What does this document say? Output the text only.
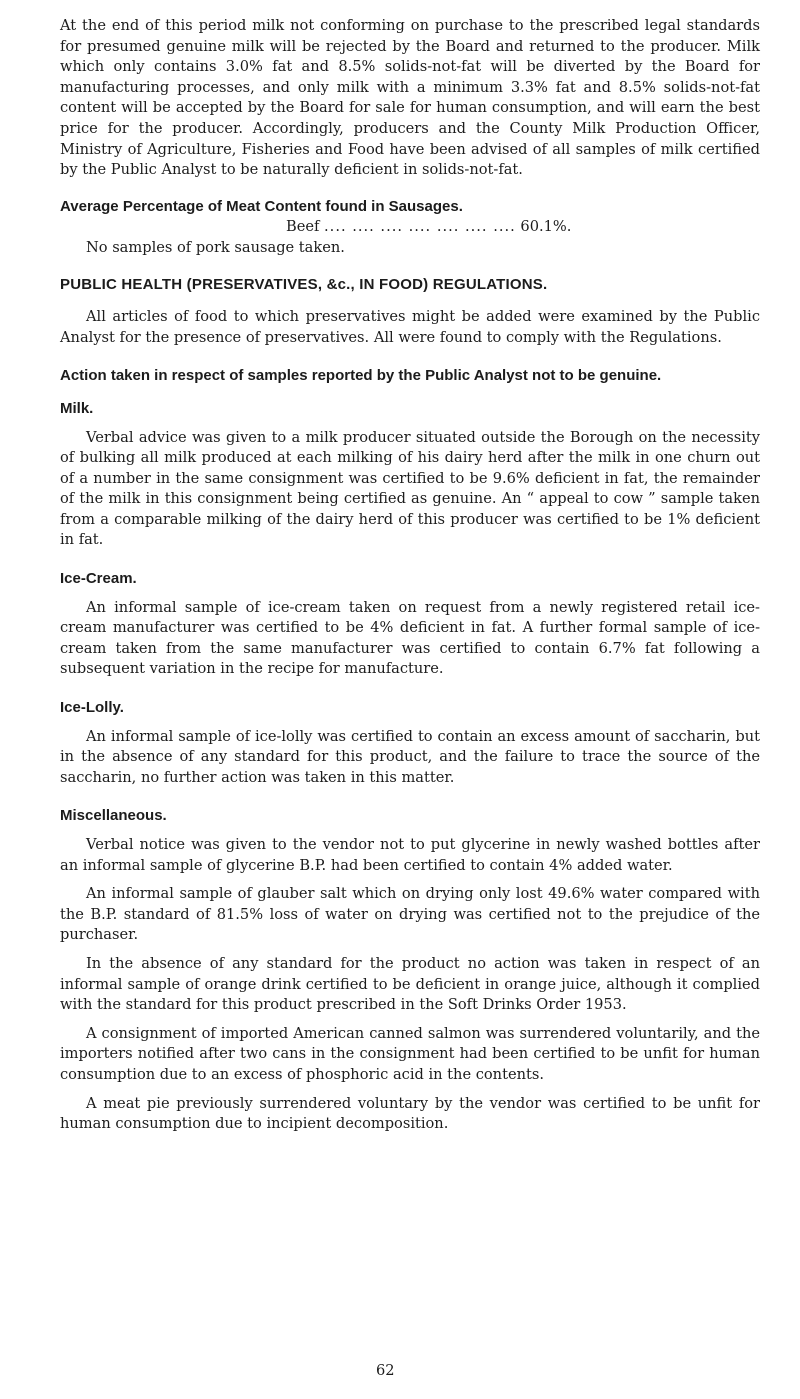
At the end of this period milk not conforming on purchase to the prescribed legal standards for presumed genuine milk will be rejected by the Board and returned to the producer. Milk which only contains 3.0% fat and 8.5% solids-not-fat will be diverted by the Board for manufacturing processes, and only milk with a minimum 3.3% fat and 8.5% solids-not-fat content will be accepted by the Board for sale for human consumption, and will earn the best price for the producer. Accordingly, producers and the County Milk Production Officer, Ministry of Agriculture, Fisheries and Food have been advised of all samples of milk certified by the Public Analyst to be naturally deficient in solids-not-fat.

Average Percentage of Meat Content found in Sausages.

Beef .... .... .... .... .... .... .... 60.1%.

No samples of pork sausage taken.

PUBLIC HEALTH (PRESERVATIVES, &c., IN FOOD) REGULATIONS.

All articles of food to which preservatives might be added were examined by the Public Analyst for the presence of preservatives. All were found to comply with the Regulations.

Action taken in respect of samples reported by the Public Analyst not to be genuine.
Milk.

Verbal advice was given to a milk producer situated outside the Borough on the necessity of bulking all milk produced at each milking of his dairy herd after the milk in one churn out of a number in the same consignment was certified to be 9.6% deficient in fat, the remainder of the milk in this consignment being certified as genuine. An “ appeal to cow ” sample taken from a comparable milking of the dairy herd of this producer was certified to be 1% deficient in fat.

Ice-Cream.

An informal sample of ice-cream taken on request from a newly registered retail ice-cream manufacturer was certified to be 4% deficient in fat. A further formal sample of ice-cream taken from the same manufacturer was certified to contain 6.7% fat following a subsequent variation in the recipe for manufacture.

Ice-Lolly.

An informal sample of ice-lolly was certified to contain an excess amount of saccharin, but in the absence of any standard for this product, and the failure to trace the source of the saccharin, no further action was taken in this matter.

Miscellaneous.

Verbal notice was given to the vendor not to put glycerine in newly washed bottles after an informal sample of glycerine B.P. had been certified to contain 4% added water.

An informal sample of glauber salt which on drying only lost 49.6% water compared with the B.P. standard of 81.5% loss of water on drying was certified not to the prejudice of the purchaser.

In the absence of any standard for the product no action was taken in respect of an informal sample of orange drink certified to be deficient in orange juice, although it complied with the standard for this product prescribed in the Soft Drinks Order 1953.

A consignment of imported American canned salmon was surrendered voluntarily, and the importers notified after two cans in the consignment had been certified to be unfit for human consumption due to an excess of phosphoric acid in the contents.

A meat pie previously surrendered voluntary by the vendor was certified to be unfit for human consumption due to incipient decomposition.

62
